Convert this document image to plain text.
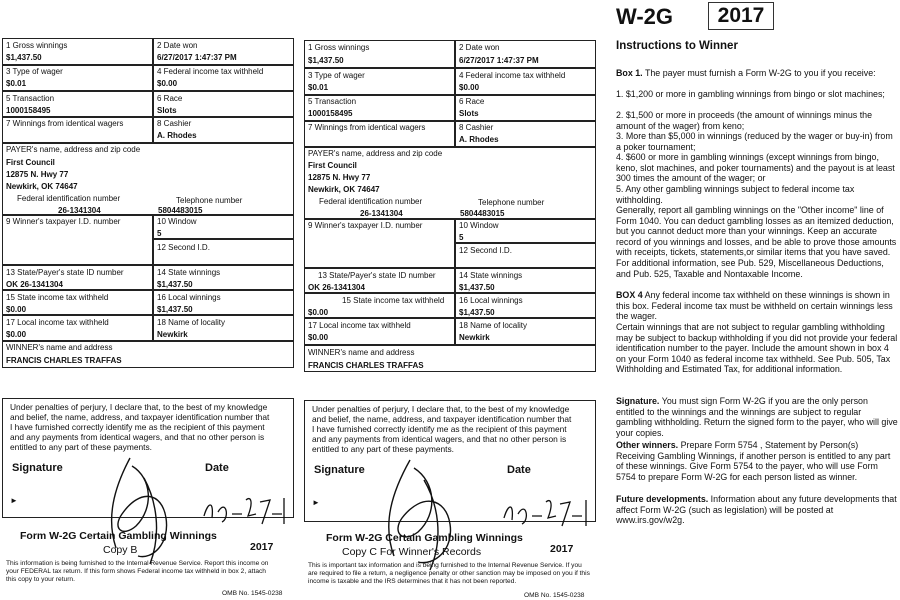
1 Gross winnings
$1,437.50
2 Date won
6/27/2017 1:47:37 PM
3 Type of wager
$0.01
4 Federal income tax withheld
$0.00
5 Transaction
1000158495
6 Race
Slots
7 Winnings from identical wagers	8 Cashier
A. Rhodes
PAYER's name, address and zip code
First Council
12875 N. Hwy 77
Newkirk, OK 74647
Federal identification number
26-1341304
Telephone number
5804483015
9 Winner's taxpayer I.D. number	10 Window
5
12 Second I.D.
13 State/Payer's state ID number
OK 26-1341304
14 State winnings
$1,437.50
15 State income tax withheld
$0.00
16 Local winnings
$1,437.50
17 Local income tax withheld
$0.00
18 Name of locality
Newkirk
WINNER's name and address
FRANCIS CHARLES TRAFFAS
Under penalties of perjury, I declare that, to the best of my knowledge and belief, the name, address, and taxpayer identification number that I have furnished correctly identify me as the recipient of this payment and any payments from identical wagers, and that no other person is entitled to any part of these payments.
Signature	Date
►
Form W-2G Certain Gambling Winnings
Copy B	2017
This information is being furnished to the Internal Revenue Service. Report this income on your FEDERAL tax return. If this form shows Federal income tax withheld in box 2, attach this copy to your return.
OMB No. 1545-0238
1 Gross winnings
$1,437.50
2 Date won
6/27/2017 1:47:37 PM
3 Type of wager
$0.01
4 Federal income tax withheld
$0.00
5 Transaction
1000158495
6 Race
Slots
7 Winnings from identical wagers	8 Cashier
A. Rhodes
PAYER's name, address and zip code
First Council
12875 N. Hwy 77
Newkirk, OK 74647
Federal identification number
26-1341304
Telephone number
5804483015
9 Winner's taxpayer I.D. number	10 Window
5
12 Second I.D.
13 State/Payer's state ID number
OK 26-1341304
14 State winnings
$1,437.50
15 State income tax withheld
$0.00
16 Local winnings
$1,437.50
17 Local income tax withheld
$0.00
18 Name of locality
Newkirk
WINNER's name and address
FRANCIS CHARLES TRAFFAS
Under penalties of perjury, I declare that, to the best of my knowledge and belief, the name, address, and taxpayer identification number that I have furnished correctly identify me as the recipient of this payment and any payments from identical wagers, and that no other person is entitled to any part of these payments.
Signature	Date
►
Form W-2G Certain Gambling Winnings
Copy C For Winner's Records	2017
This is important tax information and is being furnished to the Internal Revenue Service. If you are required to file a return, a negligence penalty or other sanction may be imposed on you if this income is taxable and the IRS determines that it has not been reported.
OMB No. 1545-0238
W-2G	2017
Instructions to Winner

Box 1. The payer must furnish a Form W-2G to you if you receive:

1. $1,200 or more in gambling winnings from bingo or slot machines;

2. $1,500 or more in proceeds (the amount of winnings minus the amount of the wager) from keno;

3. More than $5,000 in winnings (reduced by the wager or buy-in) from a poker tournament;

4. $600 or more in gambling winnings (except winnings from bingo, keno, slot machines, and poker tournaments) and the payout is at least 300 times the amount of the wager; or

5. Any other gambling winnings subject to federal income tax withholding.

Generally, report all gambling winnings on the "Other income" line of Form 1040. You can deduct gambling losses as an itemized deduction, but you cannot deduct more than your winnings. Keep an accurate record of you winnings and losses, and be able to prove those amounts with receipts, tickets, statements,or similar items that you have saved. For additional information, see Pub. 529, Miscellaneous Deductions, and Pub. 525, Taxable and Nontaxable Income.

BOX 4 Any federal income tax withheld on these winnings is shown in this box. Federal income tax must be withheld on certain winnings less the wager.

Certain winnings that are not subject to regular gambling withholding may be subject to backup withholding if you did not provide your federal identification number to the payer. Include the amount shown in box 4 on your Form 1040 as federal income tax withheld. See Pub. 505, Tax Withholding and Estimated Tax, for additional information.

Signature. You must sign Form W-2G if you are the only person entitled to the winnings and the winnings are subject to regular gambling withholding. Return the signed form to the payer, who will give your copies.

Other winners. Prepare Form 5754 , Statement by Person(s) Receiving Gambling Winnings, if another person is entitled to any part of these winnings. Give Form 5754 to the payer, who will use Form 5754 to prepare Form W-2G for each person listed as winner.

Future developments. Information about any future developments that affect Form W-2G (such as legislation) will be posted at www.irs.gov/w2g.
